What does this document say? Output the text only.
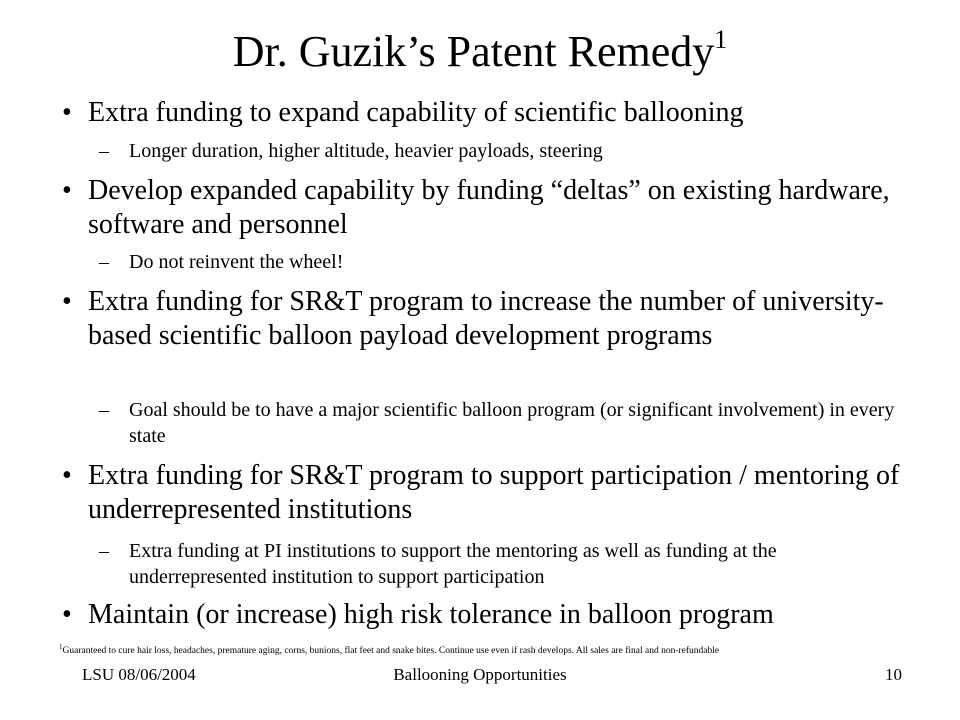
Dr. Guzik’s Patent Remedy$^1$
• Extra funding to expand capability of scientific ballooning
–	Longer duration, higher altitude, heavier payloads, steering
• Develop expanded capability by funding “deltas” on existing hardware, software and personnel
–	Do not reinvent the wheel!
• Extra funding for SR&T program to increase the number of university-based scientific balloon payload development programs
–	Goal should be to have a major scientific balloon program (or significant involvement) in every state
• Extra funding for SR&T program to support participation / mentoring of underrepresented institutions
–	Extra funding at PI institutions to support the mentoring as well as funding at the underrepresented institution to support participation
• Maintain (or increase) high risk tolerance in balloon program
$^1$Guaranteed to cure hair loss, headaches, premature aging, corns, bunions, flat feet and snake bites. Continue use even if rash develops. All sales are final and non-refundable
LSU 08/06/2004	Ballooning Opportunities	10
